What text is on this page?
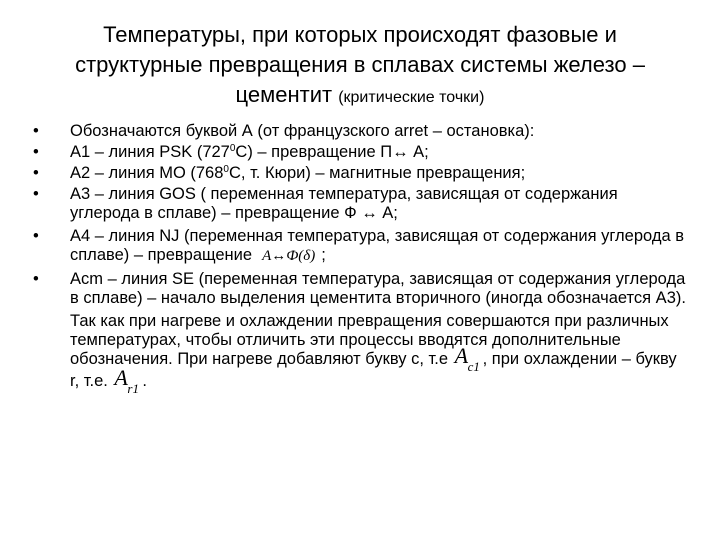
Температуры, при которых происходят фазовые и
структурные превращения в сплавах системы железо –
цементит (критические точки)
• Обозначаются буквой А (от французского arret – остановка):
• А1 – линия PSK $(727^0С)$ – превращение П↔ А;
• А2 – линия МО ($768^0С$, т. Кюри) – магнитные превращения;
• А3 – линия GOS ( переменная температура, зависящая от содержания углерода в сплаве) – превращение Ф ↔ А;
• А4 – линия NJ (переменная температура, зависящая от содержания углерода в сплаве) – превращение А↔Ф(δ) ;
• Аcm – линия SE (переменная температура, зависящая от содержания углерода в сплаве) – начало выделения цементита вторичного (иногда обозначается А3).
Так как при нагреве и охлаждении превращения совершаются при различных температурах, чтобы отличить эти процессы вводятся дополнительные обозначения. При нагреве добавляют букву с, т.е А c1 , при охлаждении – букву r, т.е. А r1 .
